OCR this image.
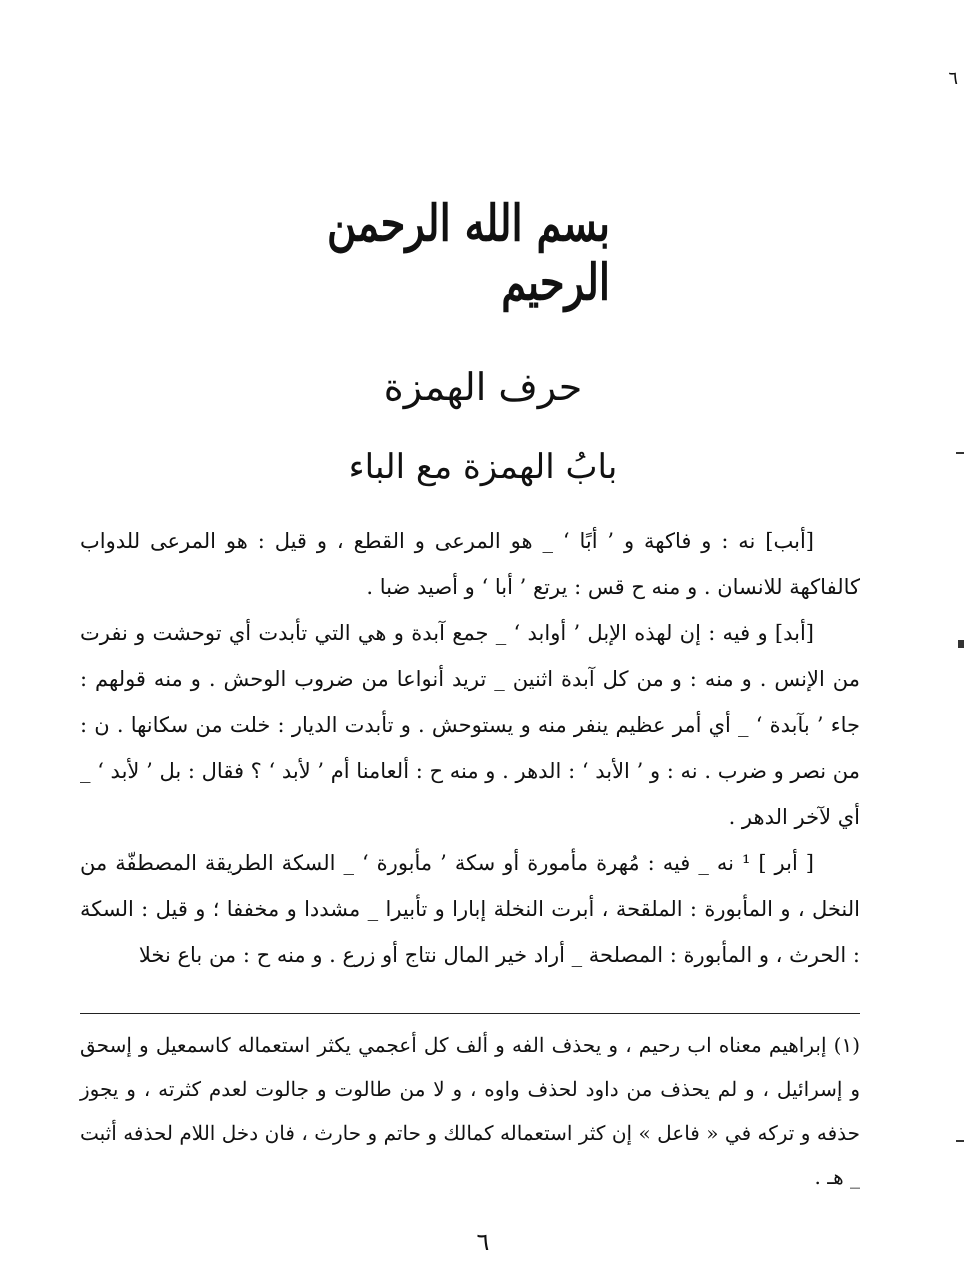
٦
بسم الله الرحمن الرحيم
حرف الهمزة
بابُ الهمزة مع الباء

[أبب] نه : و فاكهة و ’ أبًا ‘ _ هو المرعى و القطع ، و قيل : هو المرعى للدواب كالفاكهة للانسان . و منه ح قس : يرتع ’ أبا ‘ و أصيد ضبا .

[أبد] و فيه : إن لهذه الإبل ’ أوابد ‘ _ جمع آبدة و هي التي تأبدت أي توحشت و نفرت من الإنس . و منه : و من كل آبدة اثنين _ تريد أنواعا من ضروب الوحش . و منه قولهم : جاء ’ بآبدة ‘ _ أي أمر عظيم ينفر منه و يستوحش . و تأبدت الديار : خلت من سكانها . ن : من نصر و ضرب . نه : و ’ الأبد ‘ : الدهر . و منه ح : ألعامنا أم ’ لأبد ‘ ؟ فقال : بل ’ لأبد ‘ _ أي لآخر الدهر .

[ أبر ] ¹ نه _ فيه : مُهرة مأمورة أو سكة ’ مأبورة ‘ _ السكة الطريقة المصطفّة من النخل ، و المأبورة : الملقحة ، أبرت النخلة إبارا و تأبيرا _ مشددا و مخففا ؛ و قيل : السكة : الحرث ، و المأبورة : المصلحة _ أراد خير المال نتاج أو زرع . و منه ح : من باع نخلا

(١) إبراهيم معناه اب رحيم ، و يحذف الفه و ألف كل أعجمي يكثر استعماله كاسمعيل و إسحق و إسرائيل ، و لم يحذف من داود لحذف واوه ، و لا من طالوت و جالوت لعدم كثرته ، و يجوز حذفه و تركه في « فاعل » إن كثر استعماله كمالك و حاتم و حارث ، فان دخل اللام لحذفه أثبت _ هـ .

٦
